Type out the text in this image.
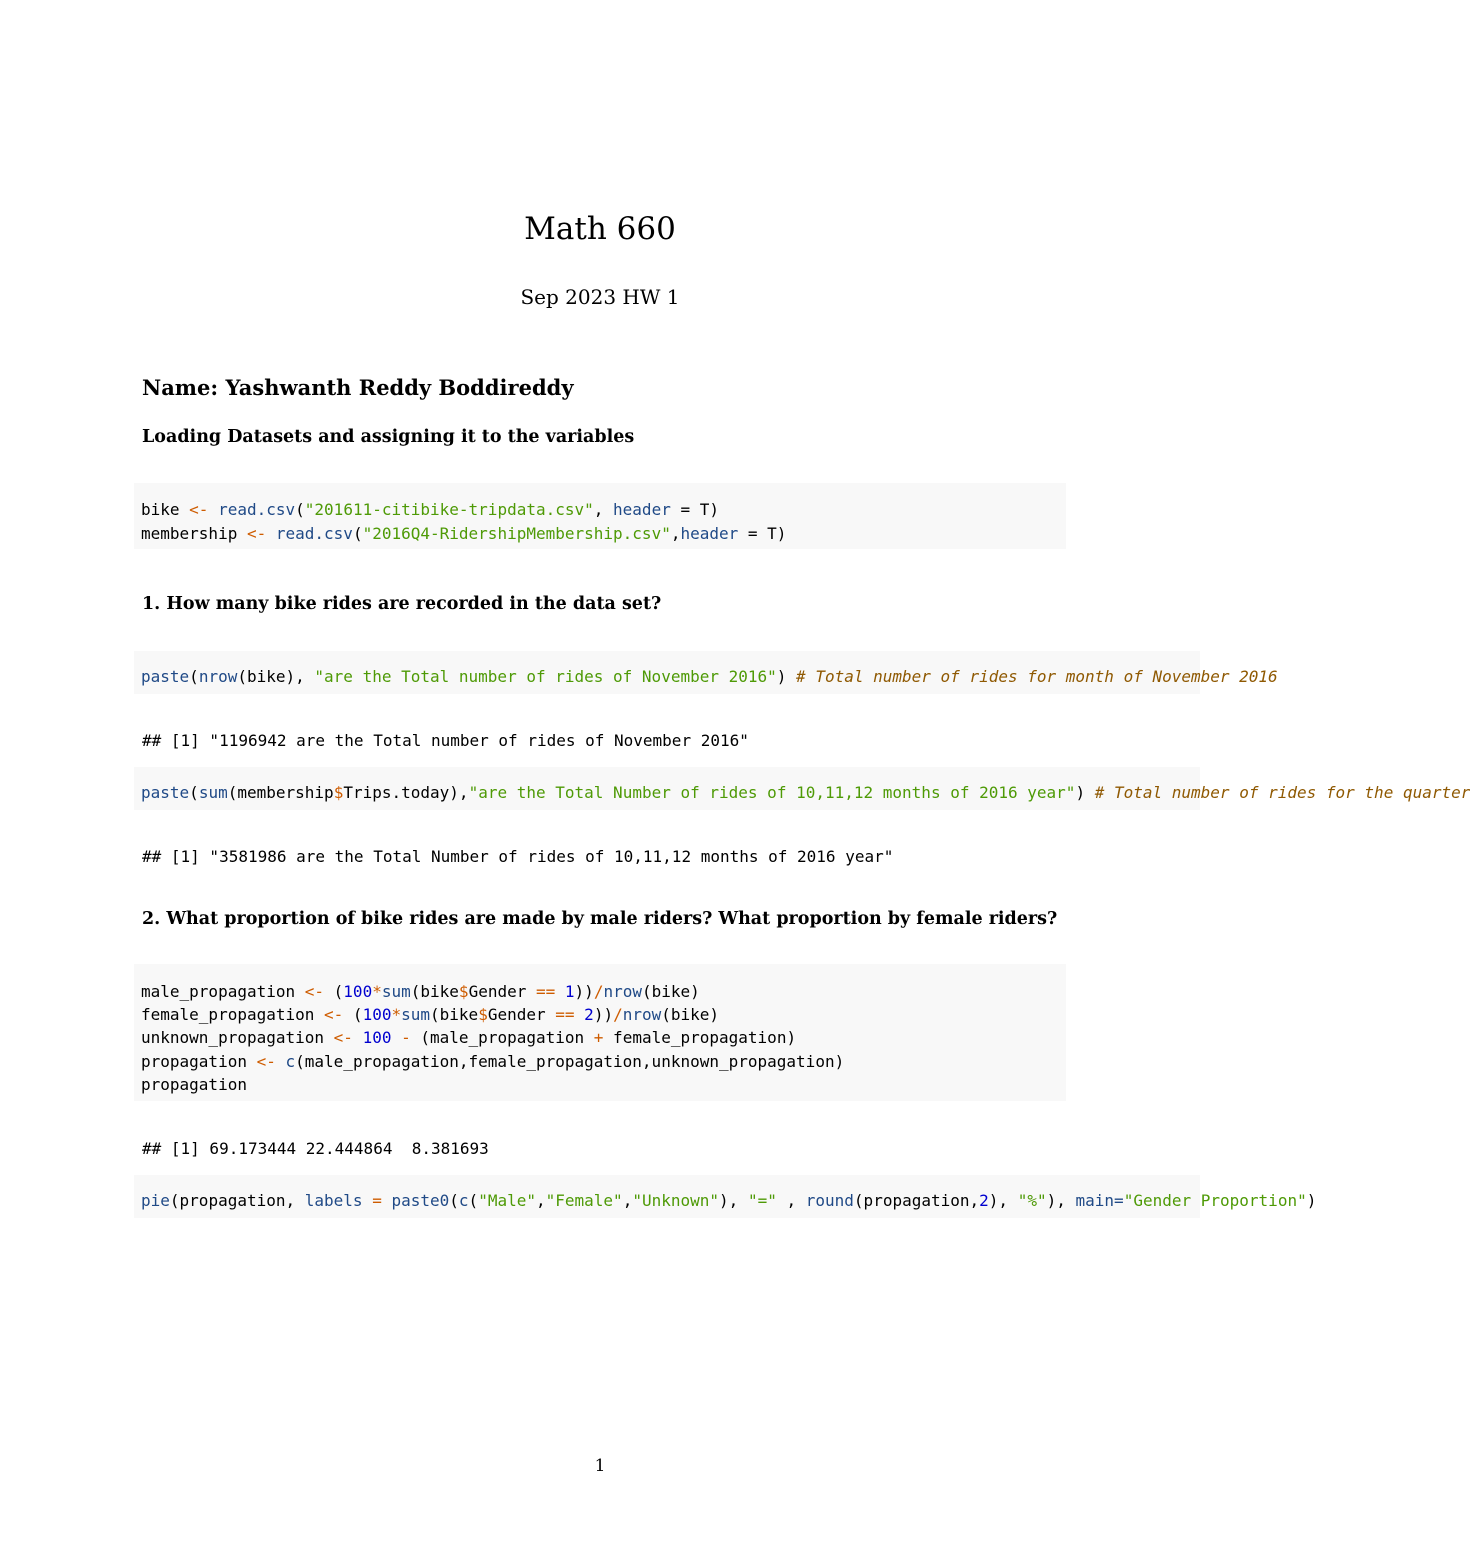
Math 660
Sep 2023 HW 1
Name: Yashwanth Reddy Boddireddy
Loading Datasets and assigning it to the variables
bike <- read.csv("201611-citibike-tripdata.csv", header = T)
membership <- read.csv("2016Q4-RidershipMembership.csv",header = T)
1. How many bike rides are recorded in the data set?
paste(nrow(bike), "are the Total number of rides of November 2016") # Total number of rides for month of November 2016
## [1] "1196942 are the Total number of rides of November 2016"
paste(sum(membership$Trips.today),"are the Total Number of rides of 10,11,12 months of 2016 year") # Total number of rides for the quarter
## [1] "3581986 are the Total Number of rides of 10,11,12 months of 2016 year"
2. What proportion of bike rides are made by male riders? What proportion by female riders?
male_propagation <- (100*sum(bike$Gender == 1))/nrow(bike)
female_propagation <- (100*sum(bike$Gender == 2))/nrow(bike)
unknown_propagation <- 100 - (male_propagation + female_propagation)
propagation <- c(male_propagation,female_propagation,unknown_propagation)
propagation
## [1] 69.173444 22.444864  8.381693
pie(propagation, labels = paste0(c("Male","Female","Unknown"), "=" , round(propagation,2), "%"), main="Gender Proportion")
1
